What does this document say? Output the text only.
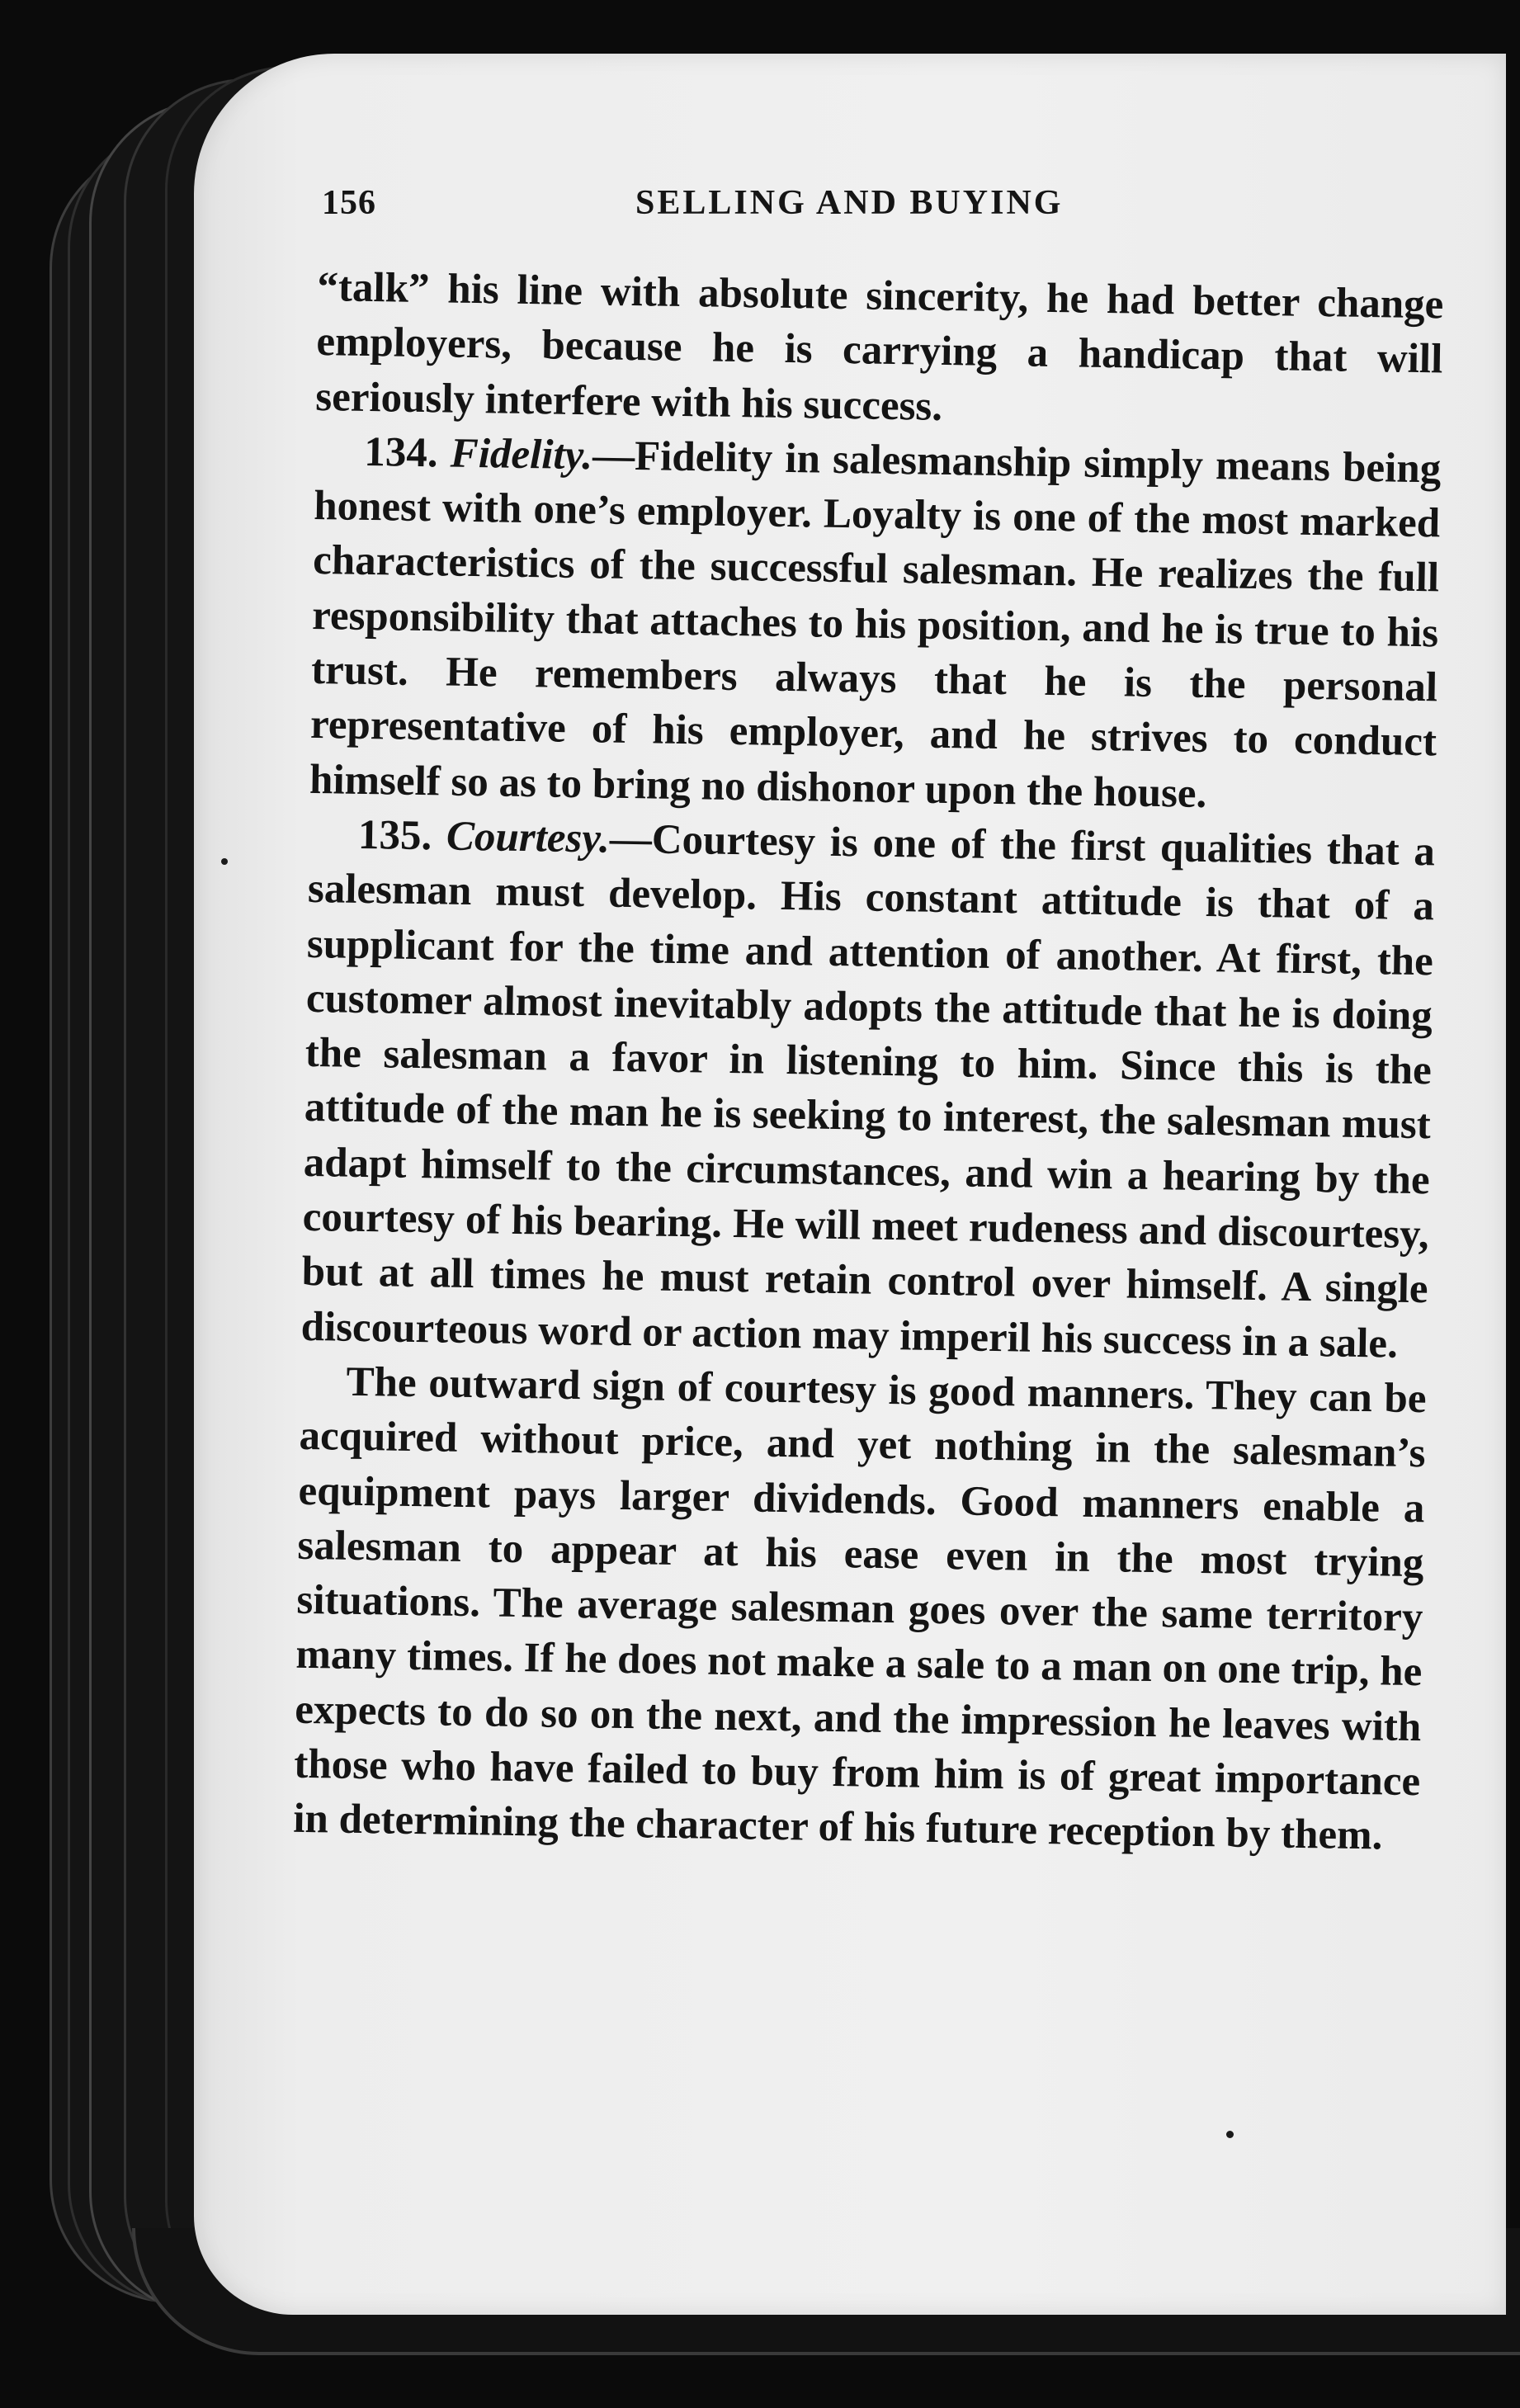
156	SELLING AND BUYING

“talk” his line with absolute sincerity, he had better change employers, because he is carrying a handicap that will seriously interfere with his success.

134. Fidelity.—Fidelity in salesmanship simply means being honest with one’s employer. Loyalty is one of the most marked characteristics of the successful salesman. He realizes the full responsibility that attaches to his position, and he is true to his trust. He remembers always that he is the personal representative of his employer, and he strives to conduct himself so as to bring no dishonor upon the house.

135. Courtesy.—Courtesy is one of the first qualities that a salesman must develop. His constant attitude is that of a supplicant for the time and attention of another. At first, the customer almost inevitably adopts the attitude that he is doing the salesman a favor in listening to him. Since this is the attitude of the man he is seeking to interest, the salesman must adapt himself to the circumstances, and win a hearing by the courtesy of his bearing. He will meet rudeness and discourtesy, but at all times he must retain control over himself. A single discourteous word or action may imperil his success in a sale.

The outward sign of courtesy is good manners. They can be acquired without price, and yet nothing in the salesman’s equipment pays larger dividends. Good manners enable a salesman to appear at his ease even in the most trying situations. The average salesman goes over the same territory many times. If he does not make a sale to a man on one trip, he expects to do so on the next, and the impression he leaves with those who have failed to buy from him is of great importance in determining the character of his future reception by them.
